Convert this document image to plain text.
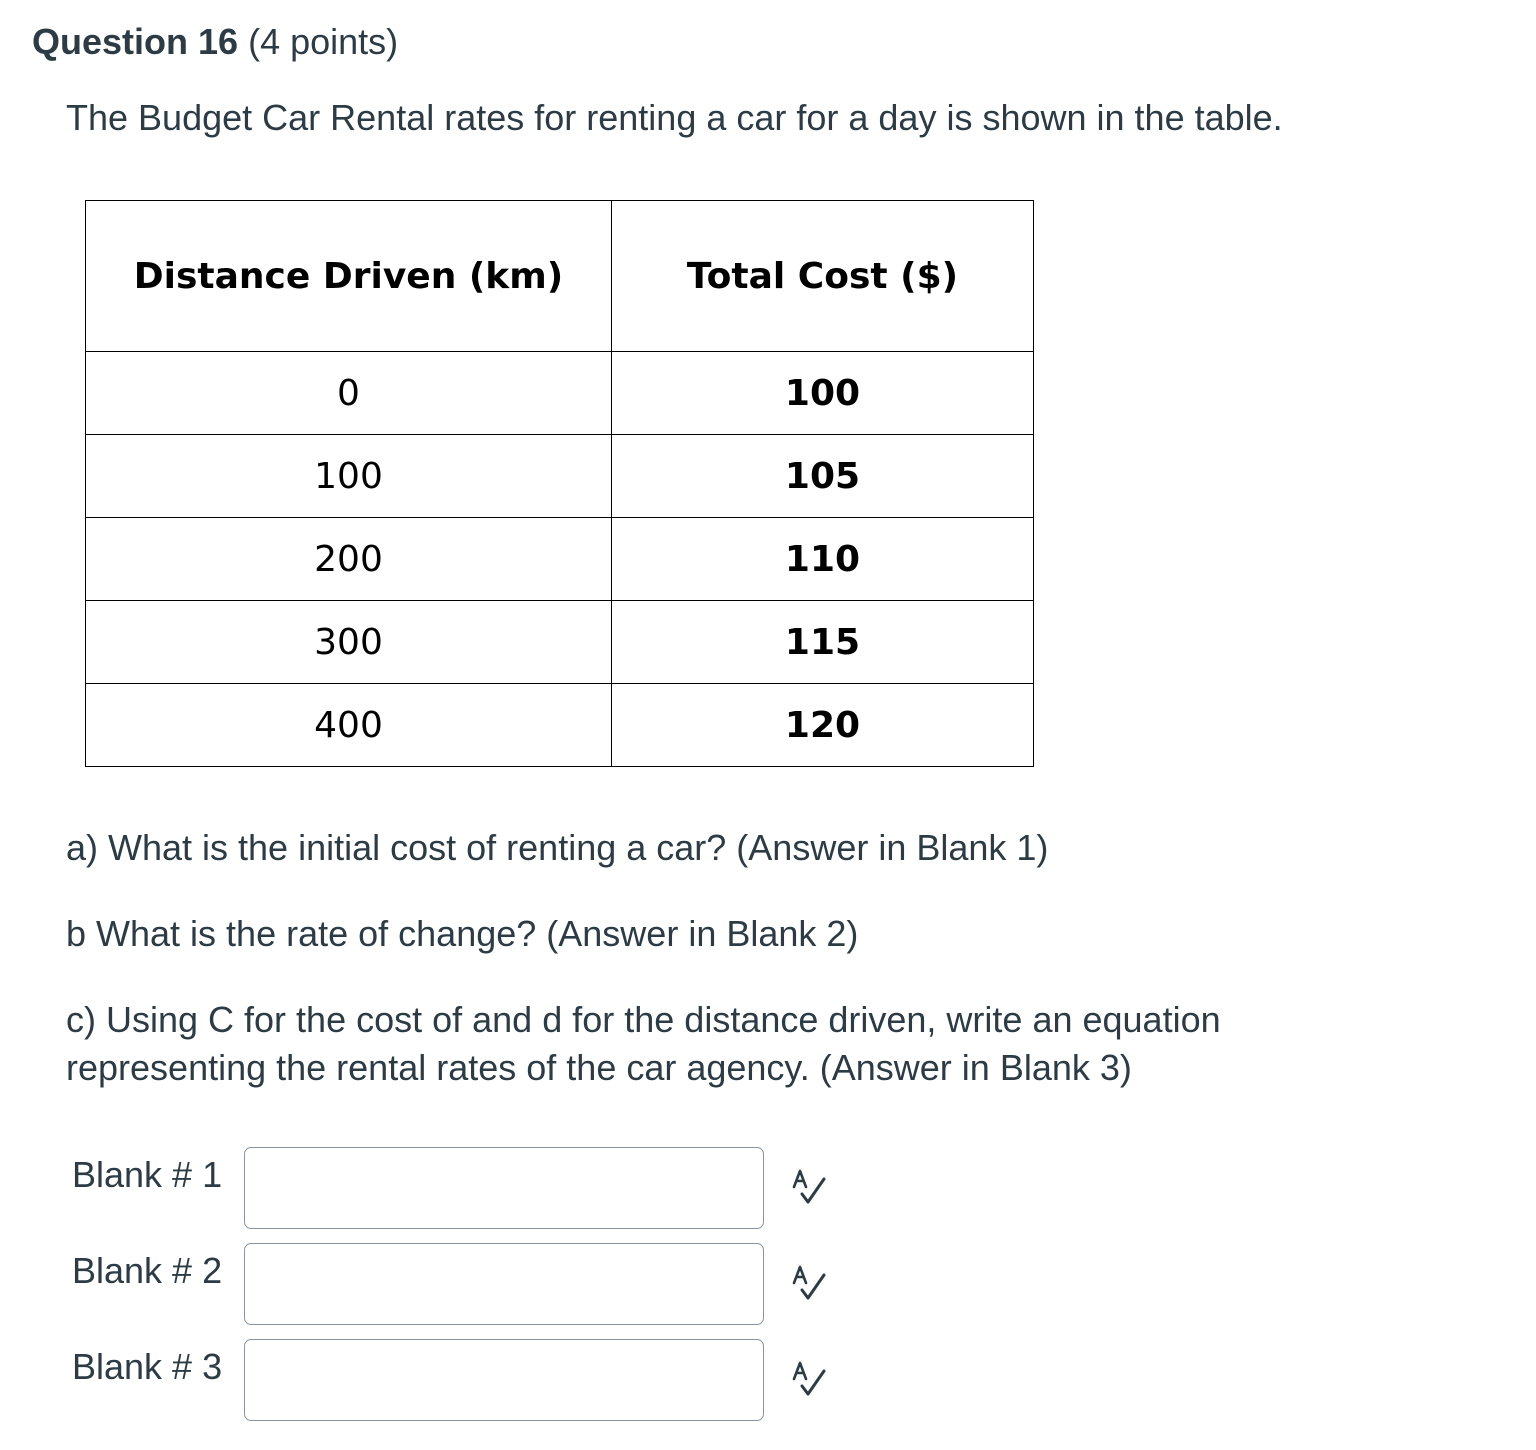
Question 16 (4 points)
The Budget Car Rental rates for renting a car for a day is shown in the table.
Distance Driven (km)	Total Cost ($)
0	100
100	105
200	110
300	115
400	120
a) What is the initial cost of renting a car? (Answer in Blank 1)
b What is the rate of change? (Answer in Blank 2)
c) Using C for the cost of and d for the distance driven, write an equation
representing the rental rates of the car agency. (Answer in Blank 3)
Blank # 1
Blank # 2
Blank # 3
